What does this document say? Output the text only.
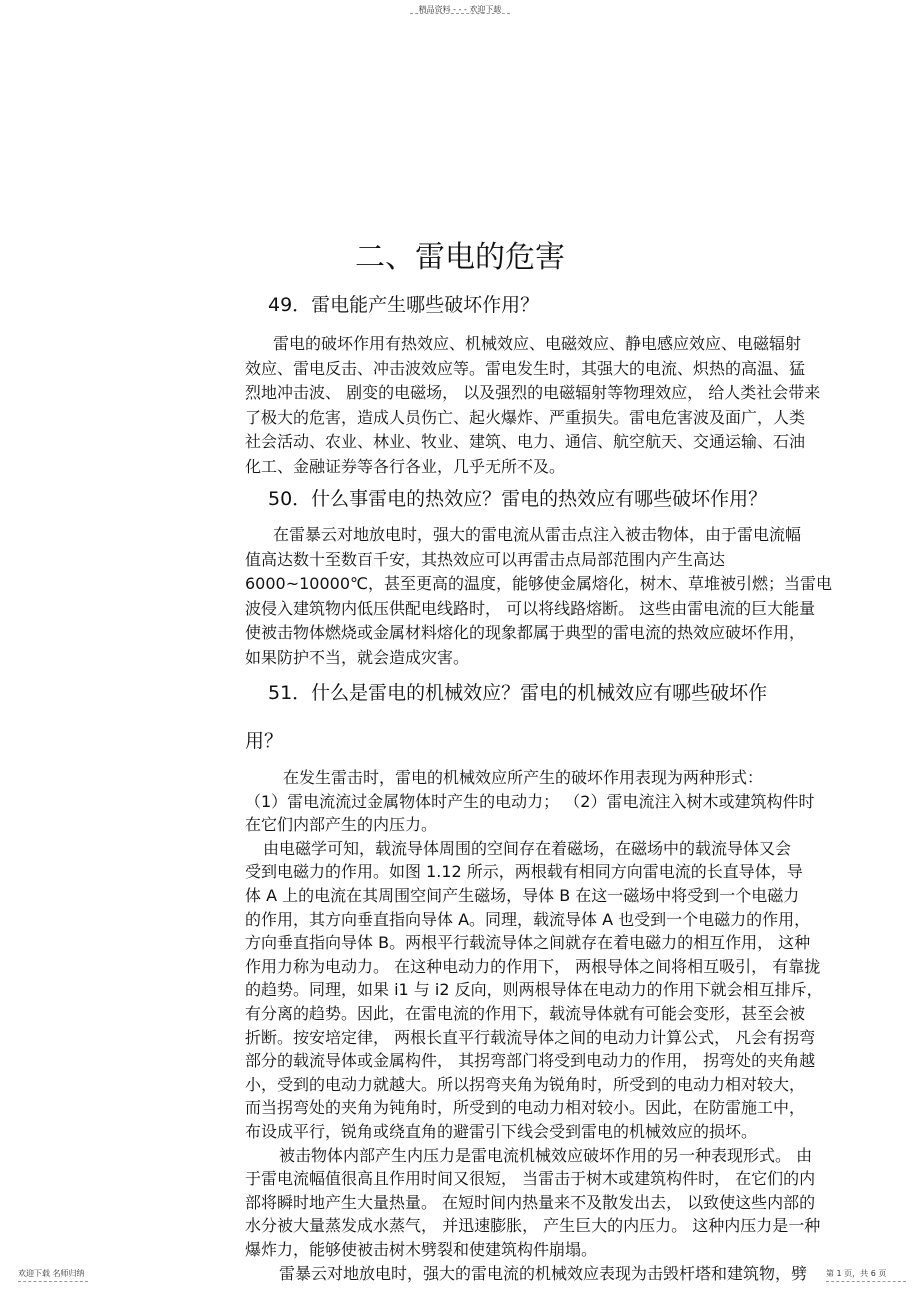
精品资料 - - - 欢迎下载
二、雷电的危害
49．雷电能产生哪些破坏作用？
雷电的破坏作用有热效应、机械效应、电磁效应、静电感应效应、电磁辐射
效应、雷电反击、冲击波效应等。雷电发生时，其强大的电流、炽热的高温、猛
烈地冲击波、 剧变的电磁场， 以及强烈的电磁辐射等物理效应， 给人类社会带来
了极大的危害，造成人员伤亡、起火爆炸、严重损失。雷电危害波及面广，人类
社会活动、农业、林业、牧业、建筑、电力、通信、航空航天、交通运输、石油
化工、金融证券等各行各业，几乎无所不及。
50．什么事雷电的热效应？雷电的热效应有哪些破坏作用？
在雷暴云对地放电时，强大的雷电流从雷击点注入被击物体，由于雷电流幅
值高达数十至数百千安，其热效应可以再雷击点局部范围内产生高达
6000~10000℃，甚至更高的温度，能够使金属熔化，树木、草堆被引燃；当雷电
波侵入建筑物内低压供配电线路时， 可以将线路熔断。 这些由雷电流的巨大能量
使被击物体燃烧或金属材料熔化的现象都属于典型的雷电流的热效应破坏作用，
如果防护不当，就会造成灾害。
51．什么是雷电的机械效应？雷电的机械效应有哪些破坏作
用？
在发生雷击时，雷电的机械效应所产生的破坏作用表现为两种形式：
（1）雷电流流过金属物体时产生的电动力； （2）雷电流注入树木或建筑构件时
在它们内部产生的内压力。
由电磁学可知，载流导体周围的空间存在着磁场，在磁场中的载流导体又会
受到电磁力的作用。如图 1.12 所示，两根载有相同方向雷电流的长直导体，导
体 A 上的电流在其周围空间产生磁场，导体 B 在这一磁场中将受到一个电磁力
的作用，其方向垂直指向导体 A。同理，载流导体 A 也受到一个电磁力的作用，
方向垂直指向导体 B。两根平行载流导体之间就存在着电磁力的相互作用， 这种
作用力称为电动力。 在这种电动力的作用下， 两根导体之间将相互吸引， 有靠拢
的趋势。同理，如果 i1 与 i2 反向，则两根导体在电动力的作用下就会相互排斥，
有分离的趋势。因此，在雷电流的作用下，载流导体就有可能会变形，甚至会被
折断。按安培定律， 两根长直平行载流导体之间的电动力计算公式， 凡会有拐弯
部分的载流导体或金属构件， 其拐弯部门将受到电动力的作用， 拐弯处的夹角越
小，受到的电动力就越大。所以拐弯夹角为锐角时，所受到的电动力相对较大，
而当拐弯处的夹角为钝角时，所受到的电动力相对较小。因此，在防雷施工中，
布设成平行，锐角或绕直角的避雷引下线会受到雷电的机械效应的损坏。
被击物体内部产生内压力是雷电流机械效应破坏作用的另一种表现形式。 由
于雷电流幅值很高且作用时间又很短， 当雷击于树木或建筑构件时， 在它们的内
部将瞬时地产生大量热量。 在短时间内热量来不及散发出去， 以致使这些内部的
水分被大量蒸发成水蒸气， 并迅速膨胀， 产生巨大的内压力。 这种内压力是一种
爆炸力，能够使被击树木劈裂和使建筑构件崩塌。
雷暴云对地放电时，强大的雷电流的机械效应表现为击毁杆塔和建筑物，劈
欢迎下载 名师归纳	第 1 页，共 6 页
